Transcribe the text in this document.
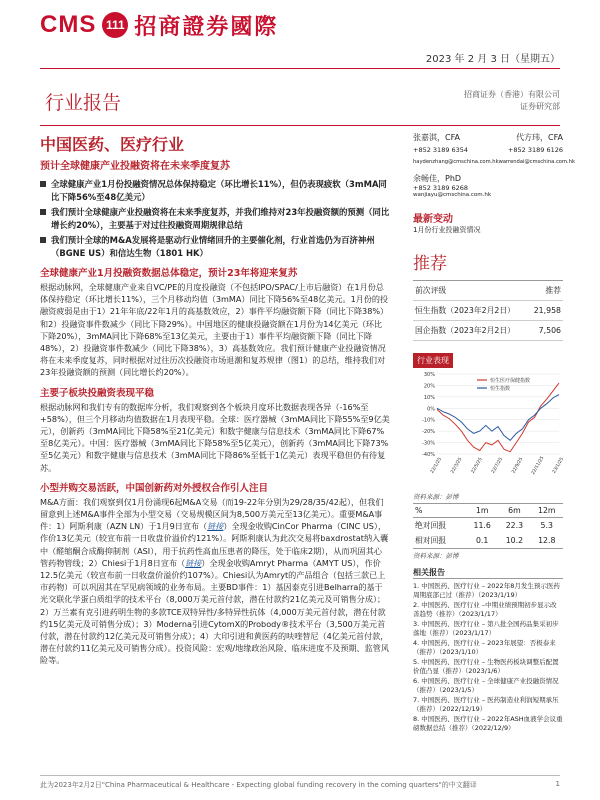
CMS 111 招商證券國際
2023 年 2 月 3 日（星期五）
行业报告	招商证券（香港）有限公司
证券研究部
中国医药、医疗行业
预计全球健康产业投融资将在未来季度复苏
全球健康产业1月份投融资情况总体保持稳定（环比增长11%），但仍表现疲软（3mMA同比下降56%至48亿美元）
我们预计全球健康产业投融资将在未来季度复苏，并我们维持对23年投融资额的预测（同比增长约20%），主要基于对过往投融资周期规律总结
我们预计全球的M&A发展将是驱动行业情绪回升的主要催化剂，行业首选仍为百济神州（BGNE US）和信达生物（1801 HK）
全球健康产业1月投融资数据总体稳定，预计23年将迎来复苏

根据动脉网，全球健康产业来自VC/PE的月度投融资（不包括IPO/SPAC/上市后融资）在1月份总体保持稳定（环比增长11%），三个月移动均值（3mMA）同比下降56%至48亿美元。1月份的投融资疲弱是由于1）21年年底/22年1月的高基数效应，2）事件平均融资额下降（同比下降38%）和2）投融资事件数减少（同比下降29%）。中国地区的健康投融资额在1月份为14亿美元（环比下降20%），3mMA同比下降68%至13亿美元，主要由于1）事件平均融资额下降（同比下降48%），2）投融资事件数减少（同比下降38%），3）高基数效应。我们预计健康产业投融资情况将在未来季度复苏，同时根据对过往历次投融资市场退潮和复苏规律（图1）的总结，维持我们对23年投融资额的预测（同比增长约20%）。

主要子板块投融资表现平稳

根据动脉网和我们专有的数据库分析，我们观察到各个板块月度环比数据表现各异（-16%至+58%），但三个月移动均值数据在1月表现平稳。全球：医疗器械（3mMA同比下降55%至9亿美元），创新药（3mMA同比下降58%至21亿美元）和数字健康与信息技术（3mMA同比下降67%至8亿美元）。中国：医疗器械（3mMA同比下降58%至5亿美元），创新药（3mMA同比下降73%至5亿美元）和数字健康与信息技术（3mMA同比下降86%至低于1亿美元）表现平稳但仍有待复苏。

小型并购交易活跃，中国创新药对外授权合作引人注目

M&A方面：我们观察到仅1月份涌现6起M&A交易（而19-22年分别为29/28/35/42起），但我们留意到上述M&A事件全部为小型交易（交易规模区间为8,500万美元至13亿美元）。重要M&A事件：1）阿斯利康（AZN LN）于1月9日宣布（链接）全现金收购CinCor Pharma（CINC US），作价13亿美元（较宣布前一日收盘价溢价约121%）。阿斯利康认为此次交易将baxdrostat纳入囊中（醛缩酮合成酶抑制剂（ASI），用于抗药性高血压患者的降压，处于临床2期），从而巩固其心管药物管线；2）Chiesi于1月8日宣布（链接）全现金收购Amryt Pharma（AMYT US），作价12.5亿美元（较宣布前一日收盘价溢价约107%）。Chiesi认为Amryt的产品组合（包括三款已上市药物）可以巩固其在罕见病领域的业务布局。主要BD事件：1）基因泰克引进Belharra的基于光交联化学蛋白质组学的技术平台（8,000万美元首付款，潜在付款约21亿美元及可销售分成）；2）万兰素有克引进药明生物的多款TCE双特异性/多特异性抗体（4,000万美元首付款，潜在付款约15亿美元及可销售分成）；3）Moderna引进CytomX的Probody®技术平台（3,500万美元首付款，潜在付款约12亿美元及可销售分成）；4）大印引进和黄医药的呋喹替尼（4亿美元首付款，潜在付款约11亿美元及可销售分成）。投资风险：宏观/地缘政治风险、临床进度不及预期、监管风险等。

张嘉淇，CFA	代方玮，CFA
+852 3189 6354	+852 3189 6126
haydenzhang@cmschina.com.hk warrendai@cmschina.com.hk
余畅佳，PhD
+852 3189 6268
wanjiayu@cmschina.com.hk
最新变动
1月份行业投融资情况
推荐
前次评级	推荐
恒生指数（2023年2月2日）	21,958
国企指数（2023年2月2日）	7,506
行业表现
30%
20%
10%
0%
-10%
-20%
-30%
-40%
22/1/25 22/3/25 22/5/25 22/7/25 22/9/25 22/11/25 23/1/25
恒生医疗保健指数
恒生指数
资料来源：彭博
%	1m	6m	12m
绝对回报	11.6	22.3	5.3
相对回报	0.1	10.2	12.8
资料来源：彭博
相关报告
1. 中国医药、医疗行业 – 2022年8月发生预示医药周期底部已过（推荐）（2023/1/19）
2. 中国医药、医疗行业 –中期业绩预期初步显示改善趋势（推荐）（2023/1/17）
3. 中国医药、医疗行业 – 第八批全国药品集采初步落地（推荐）（2023/1/17）
4. 中国医药、医疗行业 – 2023年展望：否极泰来（推荐）（2023/1/10）
5. 中国医药、医疗行业 – 生物医药板块调整后配置价值凸显（推荐）（2023/1/6）
6. 中国医药、医疗行业 – 全球健康产业投融资情况（推荐）（2023/1/5）
7. 中国医药、医疗行业 – 医药制造业利润短期承压（推荐）（2022/12/19）
8. 中国医药、医疗行业 – 2022年ASH血液学会议重磅数据总结（推荐）（2022/12/9）
此为2023年2月2日"China Pharmaceutical & Healthcare - Expecting global funding recovery in the coming quarters"的中文翻译	1
